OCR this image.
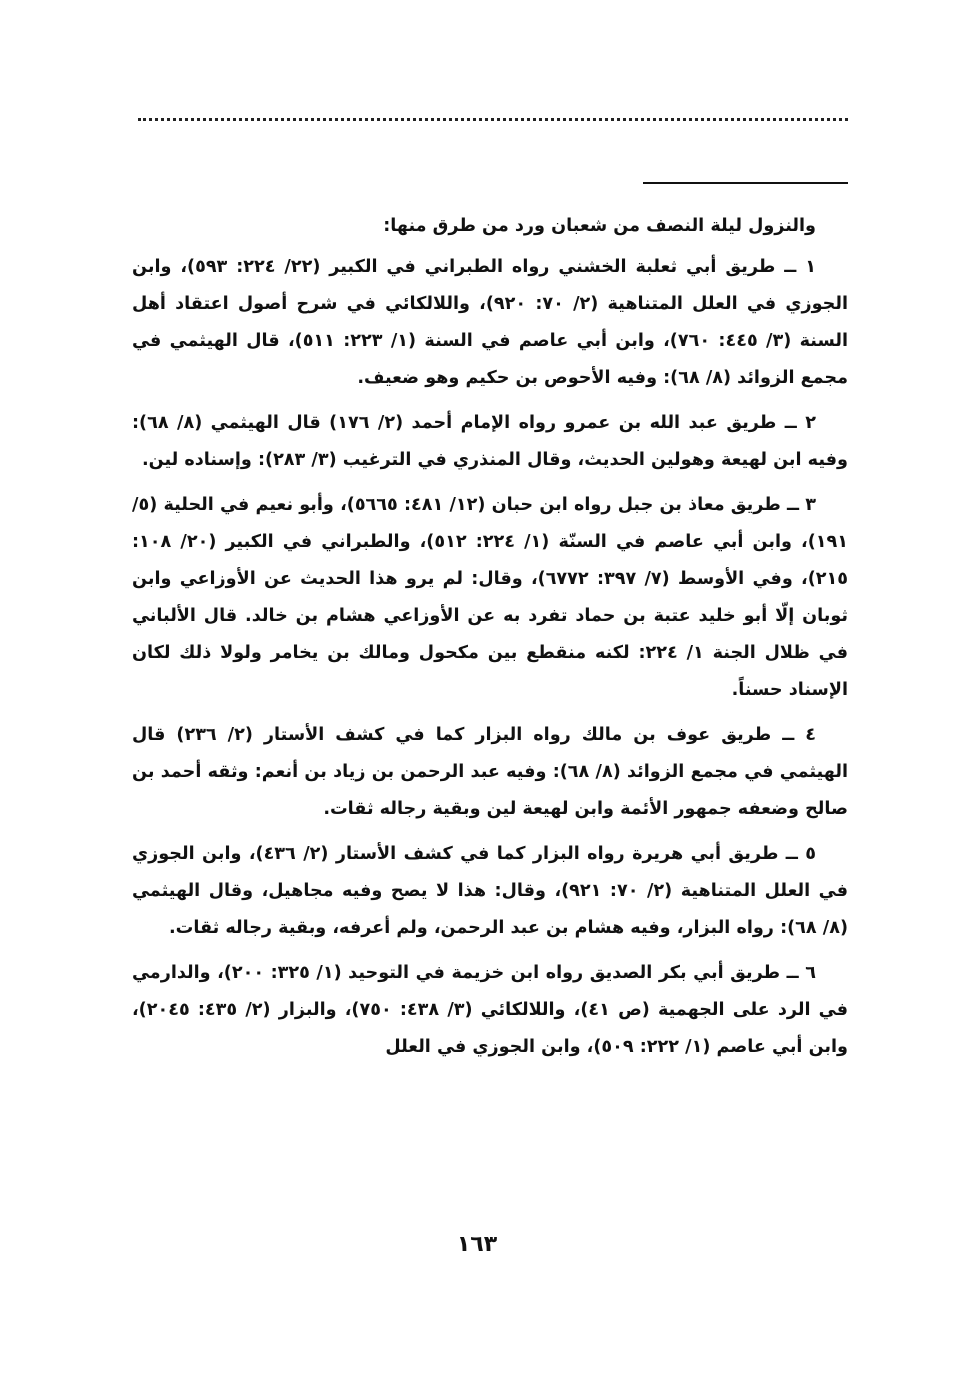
والنزول ليلة النصف من شعبان ورد من طرق منها:

١ ــ طريق أبي ثعلبة الخشني رواه الطبراني في الكبير (٢٢/ ٢٢٤: ٥٩٣)، وابن الجوزي في العلل المتناهية (٢/ ٧٠: ٩٢٠)، واللالكائي في شرح أصول اعتقاد أهل السنة (٣/ ٤٤٥: ٧٦٠)، وابن أبي عاصم في السنة (١/ ٢٢٣: ٥١١)، قال الهيثمي في مجمع الزوائد (٨/ ٦٨): وفيه الأحوص بن حكيم وهو ضعيف.

٢ ــ طريق عبد الله بن عمرو رواه الإمام أحمد (٢/ ١٧٦) قال الهيثمي (٨/ ٦٨): وفيه ابن لهيعة وهولين الحديث، وقال المنذري في الترغيب (٣/ ٢٨٣): وإسناده لين.

٣ ــ طريق معاذ بن جبل رواه ابن حبان (١٢/ ٤٨١: ٥٦٦٥)، وأبو نعيم في الحلية (٥/ ١٩١)، وابن أبي عاصم في السنّة (١/ ٢٢٤: ٥١٢)، والطبراني في الكبير (٢٠/ ١٠٨: ٢١٥)، وفي الأوسط (٧/ ٣٩٧: ٦٧٧٢)، وقال: لم يرو هذا الحديث عن الأوزاعي وابن ثوبان إلّا أبو خليد عتبة بن حماد تفرد به عن الأوزاعي هشام بن خالد. قال الألباني في ظلال الجنة ١/ ٢٢٤: لكنه منقطع بين مكحول ومالك بن يخامر ولولا ذلك لكان الإسناد حسناً.

٤ ــ طريق عوف بن مالك رواه البزار كما في كشف الأستار (٢/ ٢٣٦) قال الهيثمي في مجمع الزوائد (٨/ ٦٨): وفيه عبد الرحمن بن زياد بن أنعم: وثقه أحمد بن صالح وضعفه جمهور الأئمة وابن لهيعة لين وبقية رجاله ثقات.

٥ ــ طريق أبي هريرة رواه البزار كما في كشف الأستار (٢/ ٤٣٦)، وابن الجوزي في العلل المتناهية (٢/ ٧٠: ٩٢١)، وقال: هذا لا يصح وفيه مجاهيل، وقال الهيثمي (٨/ ٦٨): رواه البزار، وفيه هشام بن عبد الرحمن، ولم أعرفه، وبقية رجاله ثقات.

٦ ــ طريق أبي بكر الصديق رواه ابن خزيمة في التوحيد (١/ ٣٢٥: ٢٠٠)، والدارمي في الرد على الجهمية (ص ٤١)، واللالكائي (٣/ ٤٣٨: ٧٥٠)، والبزار (٢/ ٤٣٥: ٢٠٤٥)، وابن أبي عاصم (١/ ٢٢٢: ٥٠٩)، وابن الجوزي في العلل

١٦٣
